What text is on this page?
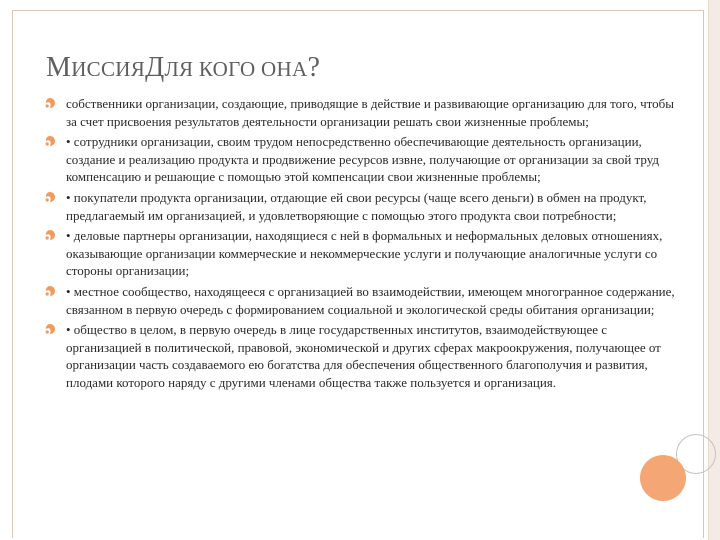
МИССИЯДЛЯ КОГО ОНА?
собственники организации, создающие, приводящие в действие и развивающие организацию для того, чтобы за счет присвоения результатов деятельности организации решать свои жизненные проблемы;
• сотрудники организации, своим трудом непосредственно обеспечивающие деятельность организации, создание и реализацию продукта и продвижение ресурсов извне, получающие от организации за свой труд компенсацию и решающие с помощью этой компенсации свои жизненные проблемы;
• покупатели продукта организации, отдающие ей свои ресурсы (чаще всего деньги) в обмен на продукт, предлагаемый им организацией, и удовлетворяющие с помощью этого продукта свои потребности;
• деловые партнеры организации, находящиеся с ней в формальных и неформальных деловых отношениях, оказывающие организации коммерческие и некоммерческие услуги и получающие аналогичные услуги со стороны организации;
• местное сообщество, находящееся с организацией во взаимодействии, имеющем многогранное содержание, связанном в первую очередь с формированием социальной и экологической среды обитания организации;
• общество в целом, в первую очередь в лице государственных институтов, взаимодействующее с организацией в политической, правовой, экономической и других сферах макроокружения, получающее от организации часть создаваемого ею богатства для обеспечения общественного благополучия и развития, плодами которого наряду с другими членами общества также пользуется и организация.
